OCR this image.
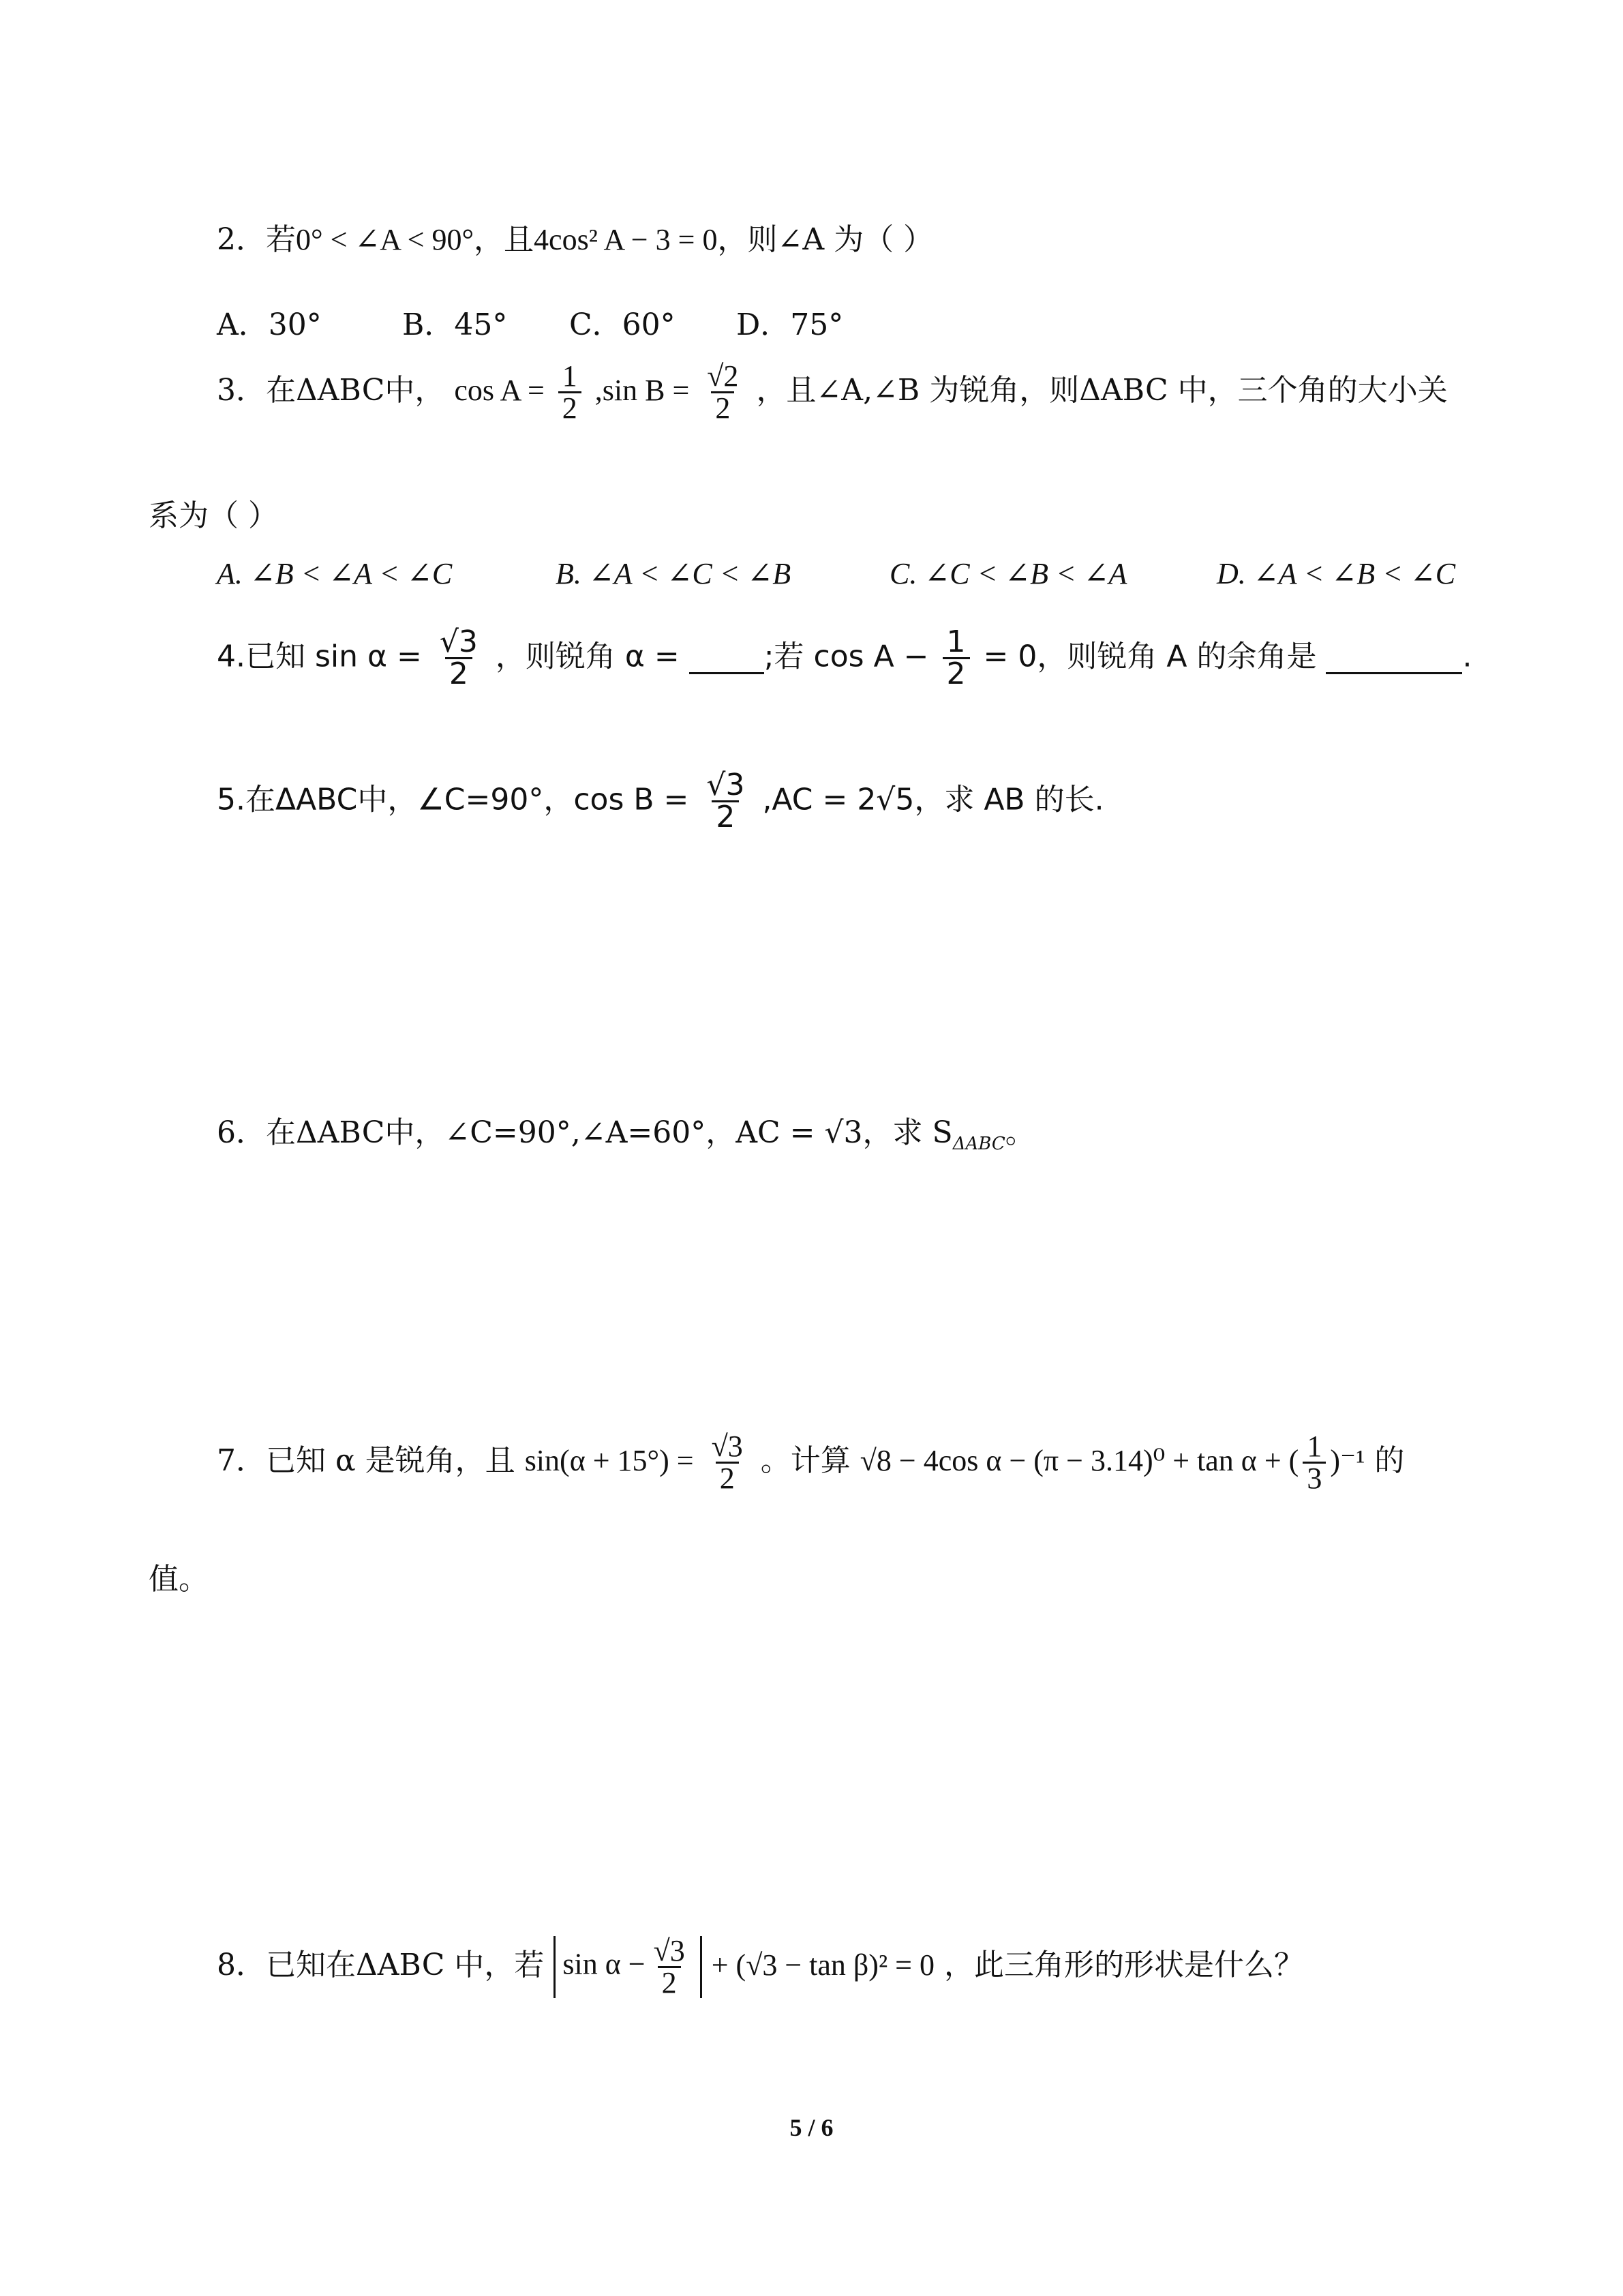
2．若0° < ∠A < 90°，且4cos² A − 3 = 0，则∠A 为（ ）
A．30°	B．45° C．60° D．75°
3．在ΔABC中， $\cos A = \frac{1}{2} ,\sin$ $B = \frac{√2}{2}$ ，且∠A,∠B 为锐角，则ΔABC 中，三个角的大小关
系为（ ）
A. ∠B < ∠A < ∠C	B. ∠A < ∠C < ∠B	C. ∠C < ∠B < ∠A	D. ∠A < ∠B < ∠C
4.已知 $\sin \alpha = \frac{√3}{2}$ ，则锐角 α =	;若 $\cos A - \frac{1}{2} = 0$，则锐角 A 的余角是	.
5.在ΔABC中，∠C=90°，$\cos B = \frac{√3}{2} ,AC = 2√5$，求 AB 的长.
6．在ΔABC中，∠C=90°,∠A=60°，AC = √3，求 $S_{\Delta ABC}$。
7．已知 α 是锐角，且 $\sin(\alpha + 15^\circ) = \frac{√3}{2}$ 。计算 √8 − 4cos α − (π − 3.14)⁰ + tan α + ( $\frac{1}{3} )^{-1}$ 的
值。
8．已知在ΔABC 中，若 $\sin \alpha - \frac{√3}{2} + (√3 - \tan \beta)^2 = 0$ ，此三角形的形状是什么？
5 / 6
